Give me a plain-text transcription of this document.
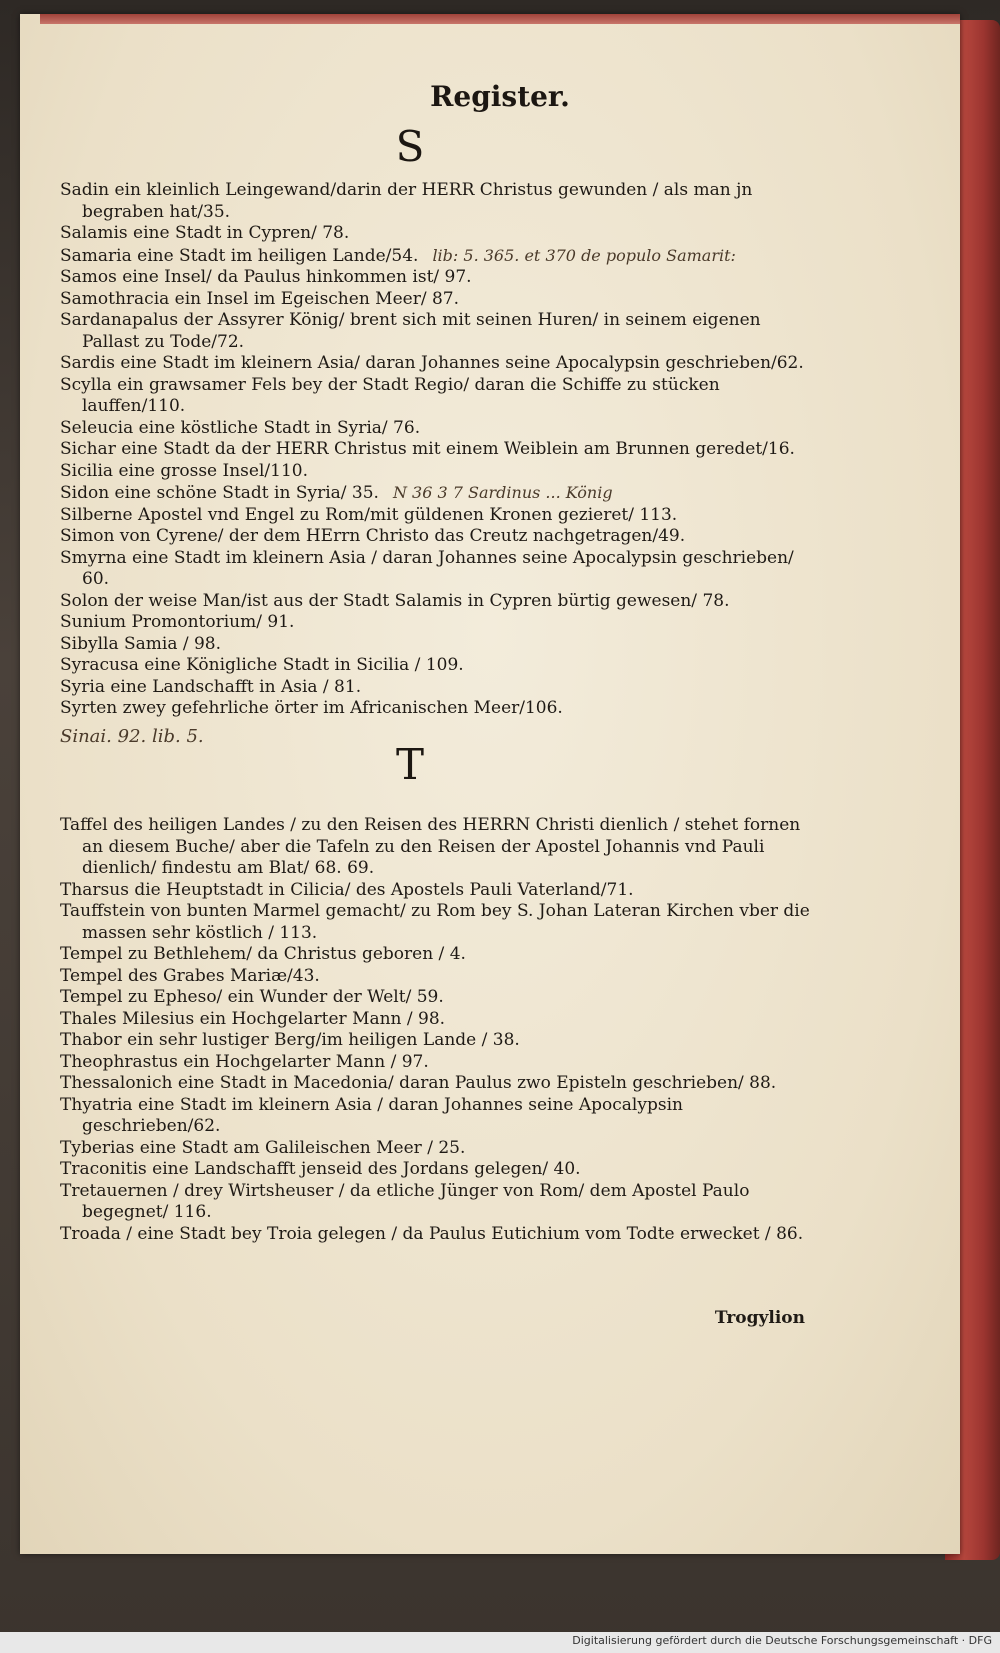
Register.
S
Sadin ein kleinlich Leingewand/darin der HERR Christus gewunden / als man jn begraben hat/35.
Salamis eine Stadt in Cypren/ 78.
Samaria eine Stadt im heiligen Lande/54. lib: 5. 365. et 370 de populo Samarit:
Samos eine Insel/ da Paulus hinkommen ist/ 97.
Samothracia ein Insel im Egeischen Meer/ 87.
Sardanapalus der Assyrer König/ brent sich mit seinen Huren/ in seinem eigenen Pallast zu Tode/72.
Sardis eine Stadt im kleinern Asia/ daran Johannes seine Apocalypsin geschrieben/62.
Scylla ein grawsamer Fels bey der Stadt Regio/ daran die Schiffe zu stücken lauffen/110.
Seleucia eine köstliche Stadt in Syria/ 76.
Sichar eine Stadt da der HERR Christus mit einem Weiblein am Brunnen geredet/16.
Sicilia eine grosse Insel/110.
Sidon eine schöne Stadt in Syria/ 35. N 36 3 7 Sardinus ... König
Silberne Apostel vnd Engel zu Rom/mit güldenen Kronen gezieret/ 113.
Simon von Cyrene/ der dem HErrn Christo das Creutz nachgetragen/49.
Smyrna eine Stadt im kleinern Asia / daran Johannes seine Apocalypsin geschrieben/ 60.
Solon der weise Man/ist aus der Stadt Salamis in Cypren bürtig gewesen/ 78.
Sunium Promontorium/ 91.
Sibylla Samia / 98.
Syracusa eine Königliche Stadt in Sicilia / 109.
Syria eine Landschafft in Asia / 81.
Syrten zwey gefehrliche örter im Africanischen Meer/106.
Sinai. 92. lib. 5.
T
Taffel des heiligen Landes / zu den Reisen des HERRN Christi dienlich / stehet fornen an diesem Buche/ aber die Tafeln zu den Reisen der Apostel Johannis vnd Pauli dienlich/ findestu am Blat/ 68. 69.
Tharsus die Heuptstadt in Cilicia/ des Apostels Pauli Vaterland/71.
Tauffstein von bunten Marmel gemacht/ zu Rom bey S. Johan Lateran Kirchen vber die massen sehr köstlich / 113.
Tempel zu Bethlehem/ da Christus geboren / 4.
Tempel des Grabes Mariæ/43.
Tempel zu Epheso/ ein Wunder der Welt/ 59.
Thales Milesius ein Hochgelarter Mann / 98.
Thabor ein sehr lustiger Berg/im heiligen Lande / 38.
Theophrastus ein Hochgelarter Mann / 97.
Thessalonich eine Stadt in Macedonia/ daran Paulus zwo Episteln geschrieben/ 88.
Thyatria eine Stadt im kleinern Asia / daran Johannes seine Apocalypsin geschrieben/62.
Tyberias eine Stadt am Galileischen Meer / 25.
Traconitis eine Landschafft jenseid des Jordans gelegen/ 40.
Tretauernen / drey Wirtsheuser / da etliche Jünger von Rom/ dem Apostel Paulo begegnet/ 116.
Troada / eine Stadt bey Troia gelegen / da Paulus Eutichium vom Todte erwecket / 86.
Trogylion
Digitalisierung gefördert durch die Deutsche Forschungsgemeinschaft · DFG
